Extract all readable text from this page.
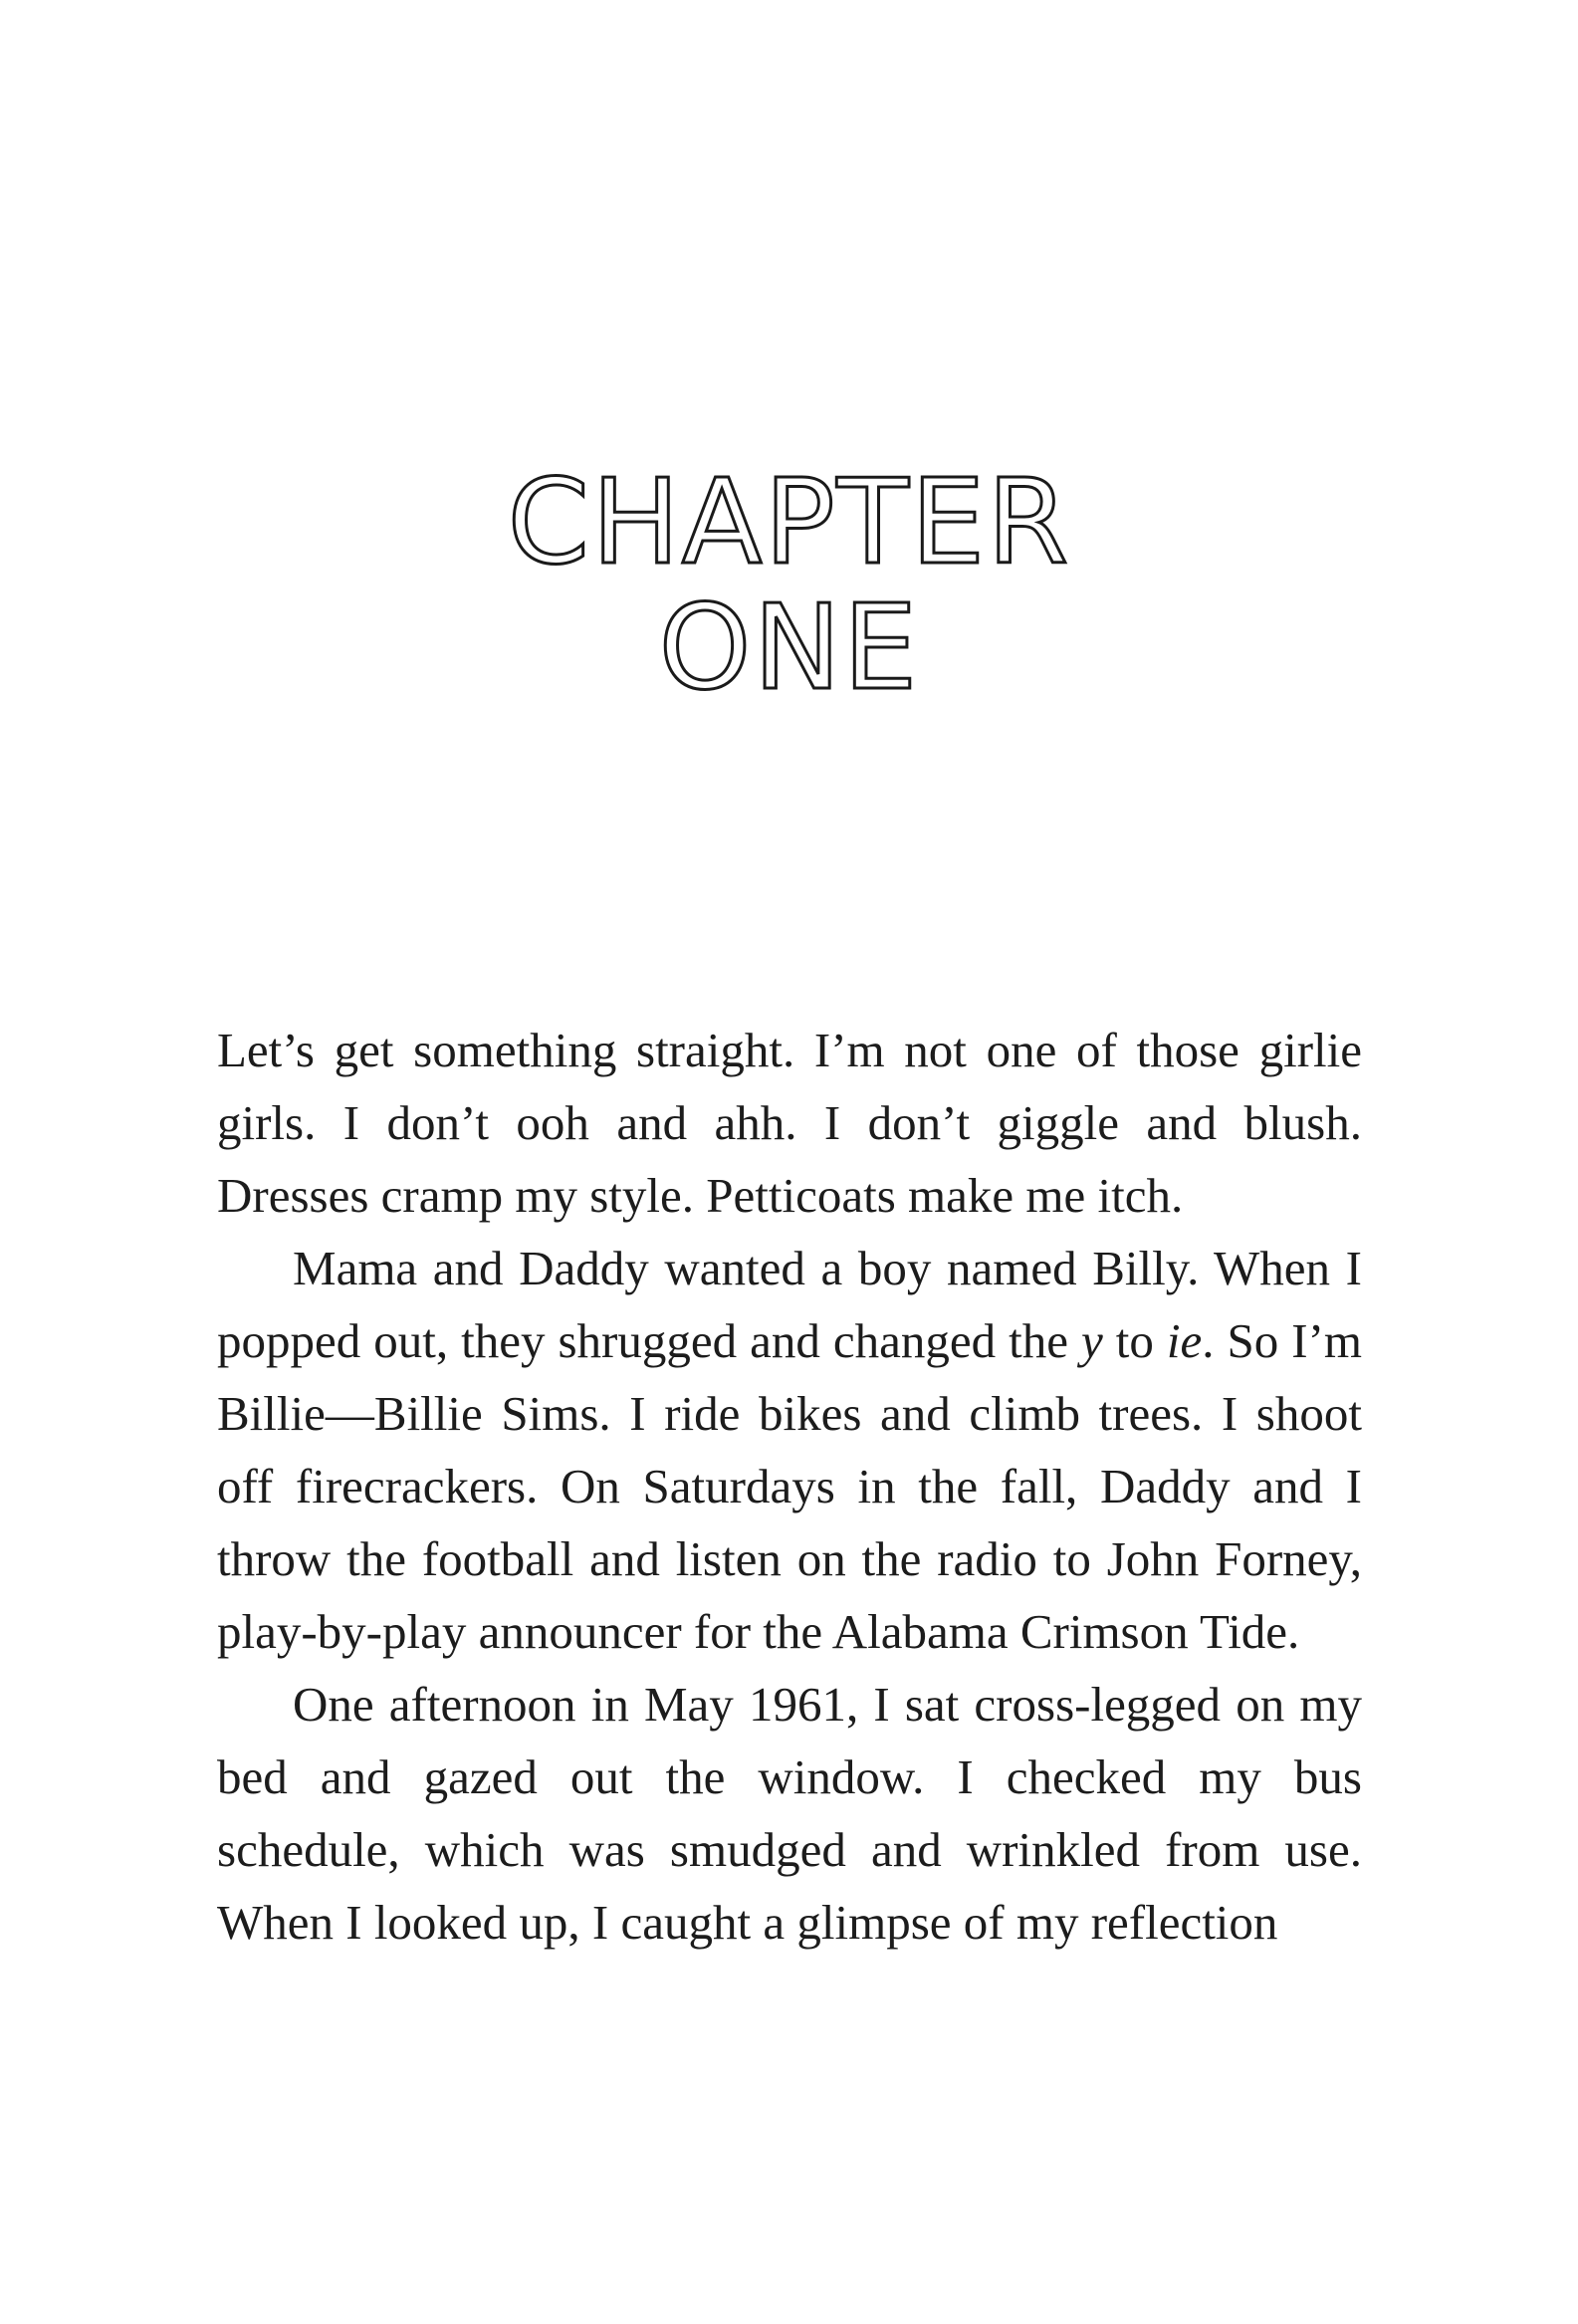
CHAPTER
ONE

Let’s get something straight. I’m not one of those girlie girls. I don’t ooh and ahh. I don’t giggle and blush. Dresses cramp my style. Petticoats make me itch.

Mama and Daddy wanted a boy named Billy. When I popped out, they shrugged and changed the y to ie. So I’m Billie—Billie Sims. I ride bikes and climb trees. I shoot off firecrackers. On Saturdays in the fall, Daddy and I throw the football and listen on the radio to John Forney, play-by-play announcer for the Alabama Crimson Tide.

One afternoon in May 1961, I sat cross-legged on my bed and gazed out the window. I checked my bus schedule, which was smudged and wrinkled from use. When I looked up, I caught a glimpse of my reflection
